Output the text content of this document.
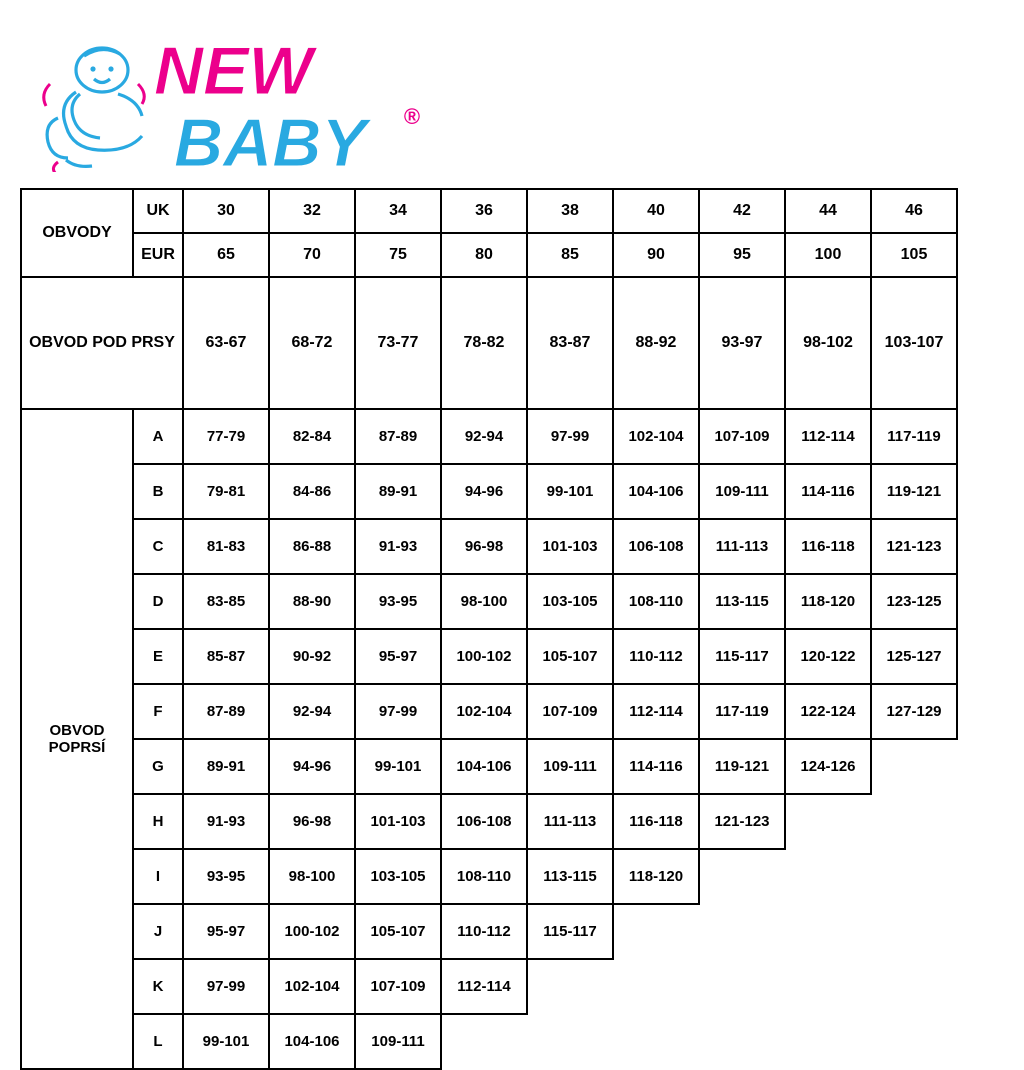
NEW
®
BABY
OBVODY	UK	30	32	34	36	38	40	42	44	46
	EUR	65	70	75	80	85	90	95	100	105
OBVOD POD PRSY		63-67	68-72	73-77	78-82	83-87	88-92	93-97	98-102	103-107
OBVOD POPRSÍ	A	77-79	82-84	87-89	92-94	97-99	102-104	107-109	112-114	117-119
	B	79-81	84-86	89-91	94-96	99-101	104-106	109-111	114-116	119-121
	C	81-83	86-88	91-93	96-98	101-103	106-108	111-113	116-118	121-123
	D	83-85	88-90	93-95	98-100	103-105	108-110	113-115	118-120	123-125
	E	85-87	90-92	95-97	100-102	105-107	110-112	115-117	120-122	125-127
	F	87-89	92-94	97-99	102-104	107-109	112-114	117-119	122-124	127-129
	G	89-91	94-96	99-101	104-106	109-111	114-116	119-121	124-126	
	H	91-93	96-98	101-103	106-108	111-113	116-118	121-123		
	I	93-95	98-100	103-105	108-110	113-115	118-120			
	J	95-97	100-102	105-107	110-112	115-117				
	K	97-99	102-104	107-109	112-114					
	L	99-101	104-106	109-111						
